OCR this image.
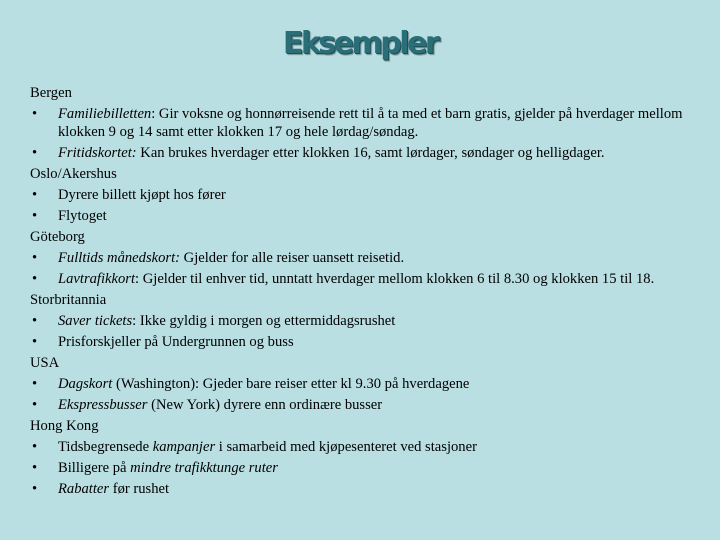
Eksempler
Bergen
• Familiebilletten: Gir voksne og honnørreisende rett til å ta med et barn gratis, gjelder på hverdager mellom klokken 9 og 14 samt etter klokken 17 og hele lørdag/søndag.
• Fritidskortet: Kan brukes hverdager etter klokken 16, samt lørdager, søndager og helligdager.
Oslo/Akershus
• Dyrere billett kjøpt hos fører
• Flytoget
Göteborg
• Fulltids månedskort: Gjelder for alle reiser uansett reisetid.
• Lavtrafikkort: Gjelder til enhver tid, unntatt hverdager mellom klokken 6 til 8.30 og klokken 15 til 18.
Storbritannia
• Saver tickets: Ikke gyldig i morgen og ettermiddagsrushet
• Prisforskjeller på Undergrunnen og buss
USA
• Dagskort (Washington): Gjeder bare reiser etter kl 9.30 på hverdagene
• Ekspressbusser (New York) dyrere enn ordinære busser
Hong Kong
• Tidsbegrensede kampanjer i samarbeid med kjøpesenteret ved stasjoner
• Billigere på mindre trafikktunge ruter
• Rabatter før rushet
